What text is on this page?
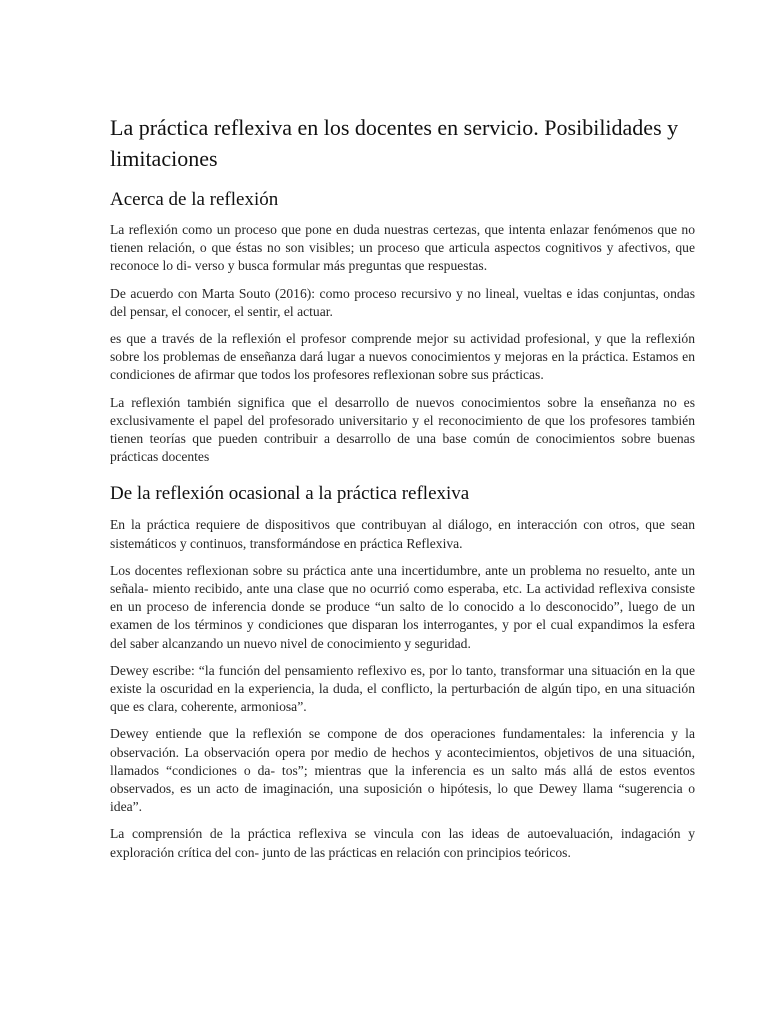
La práctica reflexiva en los docentes en servicio. Posibilidades y limitaciones
Acerca de la reflexión

La reflexión como un proceso que pone en duda nuestras certezas, que intenta enlazar fenómenos que no tienen relación, o que éstas no son visibles; un proceso que articula aspectos cognitivos y afectivos, que reconoce lo di- verso y busca formular más preguntas que respuestas.

De acuerdo con Marta Souto (2016): como proceso recursivo y no lineal, vueltas e idas conjuntas, ondas del pensar, el conocer, el sentir, el actuar.

es que a través de la reflexión el profesor comprende mejor su actividad profesional, y que la reflexión sobre los problemas de enseñanza dará lugar a nuevos conocimientos y mejoras en la práctica. Estamos en condiciones de afirmar que todos los profesores reflexionan sobre sus prácticas.

La reflexión también significa que el desarrollo de nuevos conocimientos sobre la enseñanza no es exclusivamente el papel del profesorado universitario y el reconocimiento de que los profesores también tienen teorías que pueden contribuir a desarrollo de una base común de conocimientos sobre buenas prácticas docentes

De la reflexión ocasional a la práctica reflexiva

En la práctica requiere de dispositivos que contribuyan al diálogo, en interacción con otros, que sean sistemáticos y continuos, transformándose en práctica Reflexiva.

Los docentes reflexionan sobre su práctica ante una incertidumbre, ante un problema no resuelto, ante un señala- miento recibido, ante una clase que no ocurrió como esperaba, etc. La actividad reflexiva consiste en un proceso de inferencia donde se produce “un salto de lo conocido a lo desconocido”, luego de un examen de los términos y condiciones que disparan los interrogantes, y por el cual expandimos la esfera del saber alcanzando un nuevo nivel de conocimiento y seguridad.

Dewey escribe: “la función del pensamiento reflexivo es, por lo tanto, transformar una situación en la que existe la oscuridad en la experiencia, la duda, el conflicto, la perturbación de algún tipo, en una situación que es clara, coherente, armoniosa”.

Dewey entiende que la reflexión se compone de dos operaciones fundamentales: la inferencia y la observación. La observación opera por medio de hechos y acontecimientos, objetivos de una situación, llamados “condiciones o da- tos”; mientras que la inferencia es un salto más allá de estos eventos observados, es un acto de imaginación, una suposición o hipótesis, lo que Dewey llama “sugerencia o idea”.

La comprensión de la práctica reflexiva se vincula con las ideas de autoevaluación, indagación y exploración crítica del con- junto de las prácticas en relación con principios teóricos.
